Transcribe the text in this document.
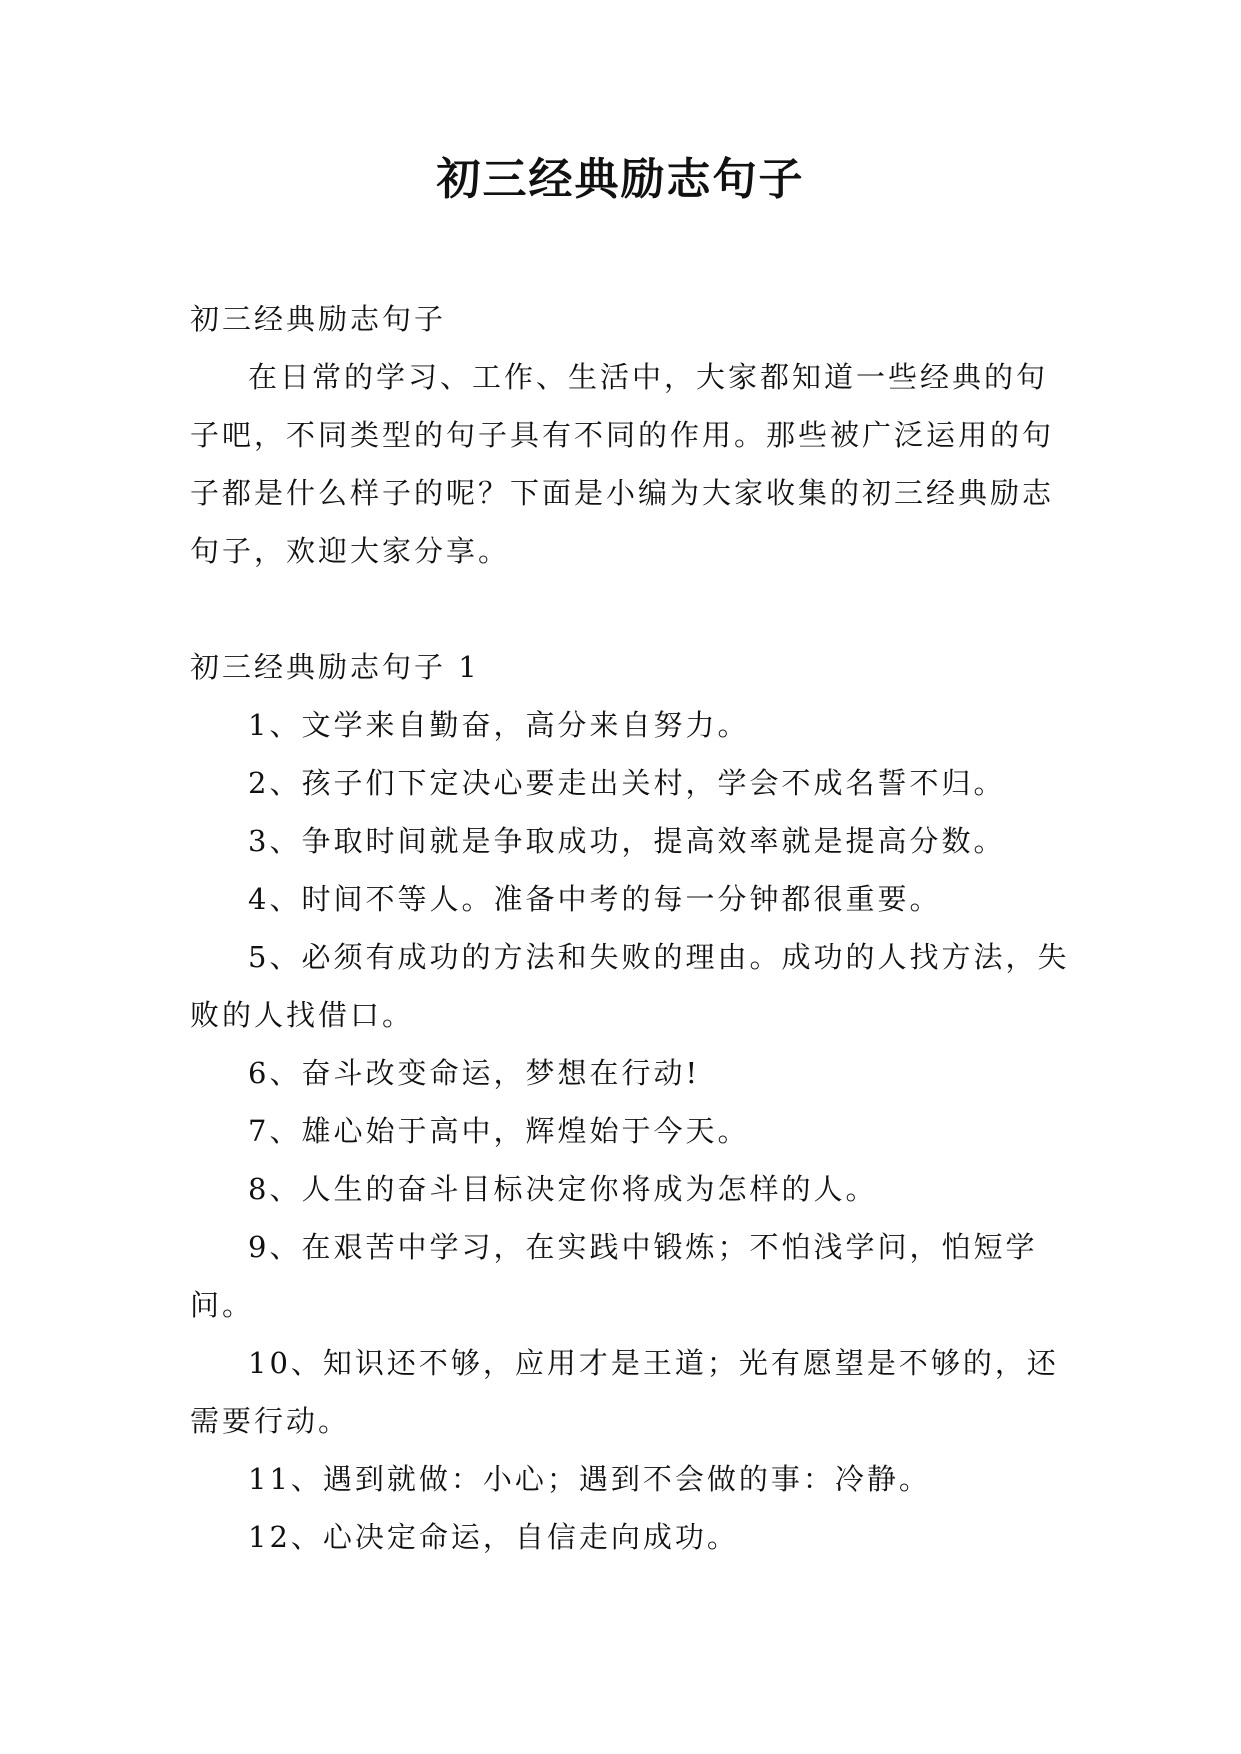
初三经典励志句子

初三经典励志句子

在日常的学习、工作、生活中，大家都知道一些经典的句子吧，不同类型的句子具有不同的作用。那些被广泛运用的句子都是什么样子的呢？下面是小编为大家收集的初三经典励志句子，欢迎大家分享。

初三经典励志句子 1

1、文学来自勤奋，高分来自努力。

2、孩子们下定决心要走出关村，学会不成名誓不归。

3、争取时间就是争取成功，提高效率就是提高分数。

4、时间不等人。准备中考的每一分钟都很重要。

5、必须有成功的方法和失败的理由。成功的人找方法，失败的人找借口。

6、奋斗改变命运，梦想在行动!

7、雄心始于高中，辉煌始于今天。

8、人生的奋斗目标决定你将成为怎样的人。

9、在艰苦中学习，在实践中锻炼；不怕浅学问，怕短学问。

10、知识还不够，应用才是王道；光有愿望是不够的，还需要行动。

11、遇到就做：小心；遇到不会做的事：冷静。

12、心决定命运，自信走向成功。
